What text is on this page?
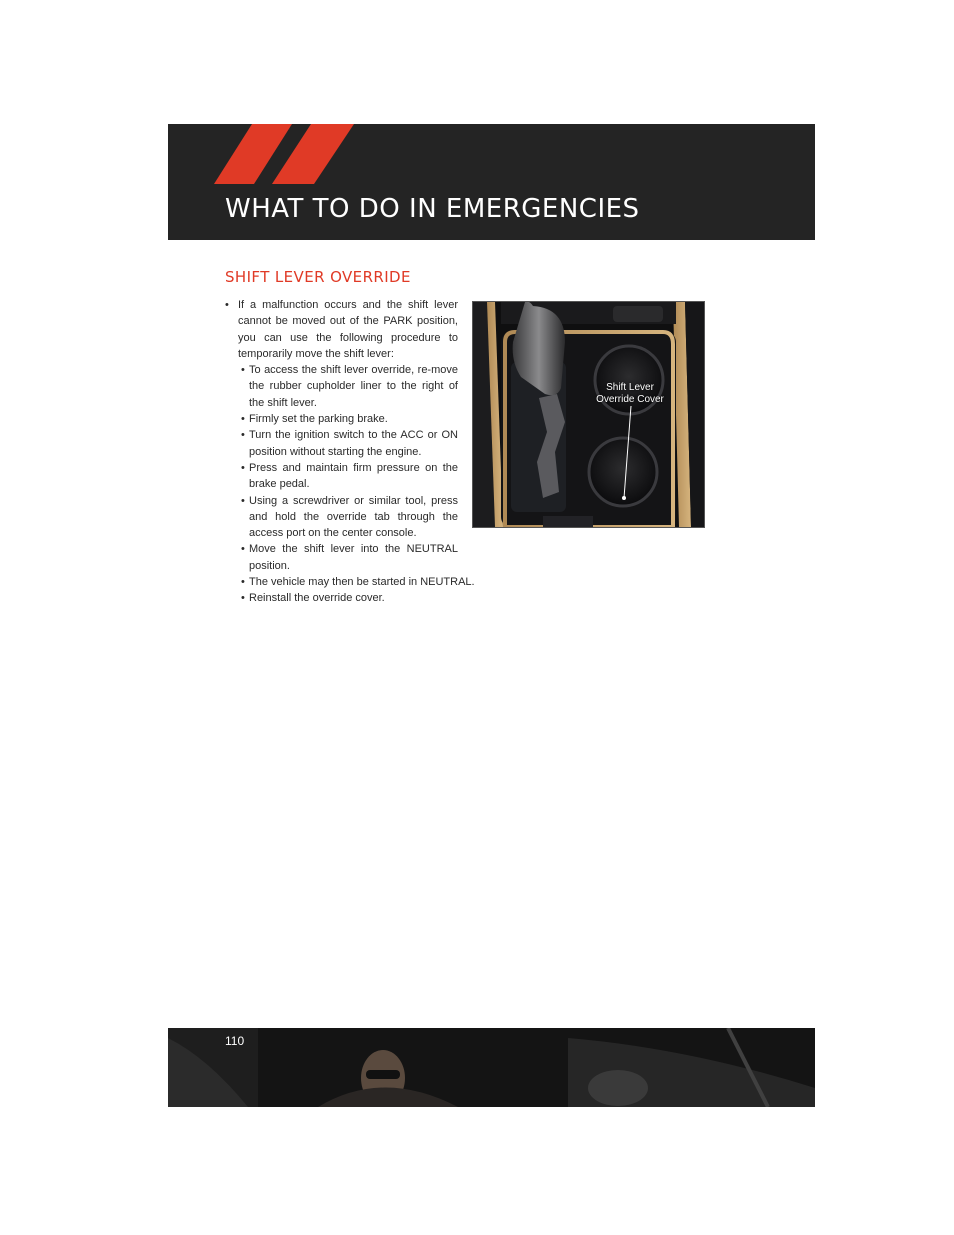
WHAT TO DO IN EMERGENCIES
SHIFT LEVER OVERRIDE
• If a malfunction occurs and the shift lever cannot be moved out of the PARK position, you can use the following procedure to temporarily move the shift lever:
• To access the shift lever override, re-move the rubber cupholder liner to the right of the shift lever.
• Firmly set the parking brake.
• Turn the ignition switch to the ACC or ON position without starting the engine.
• Press and maintain firm pressure on the brake pedal.
• Using a screwdriver or similar tool, press and hold the override tab through the access port on the center console.
• Move the shift lever into the NEUTRAL position.
• The vehicle may then be started in NEUTRAL.
• Reinstall the override cover.
Shift Lever
Override Cover
110
